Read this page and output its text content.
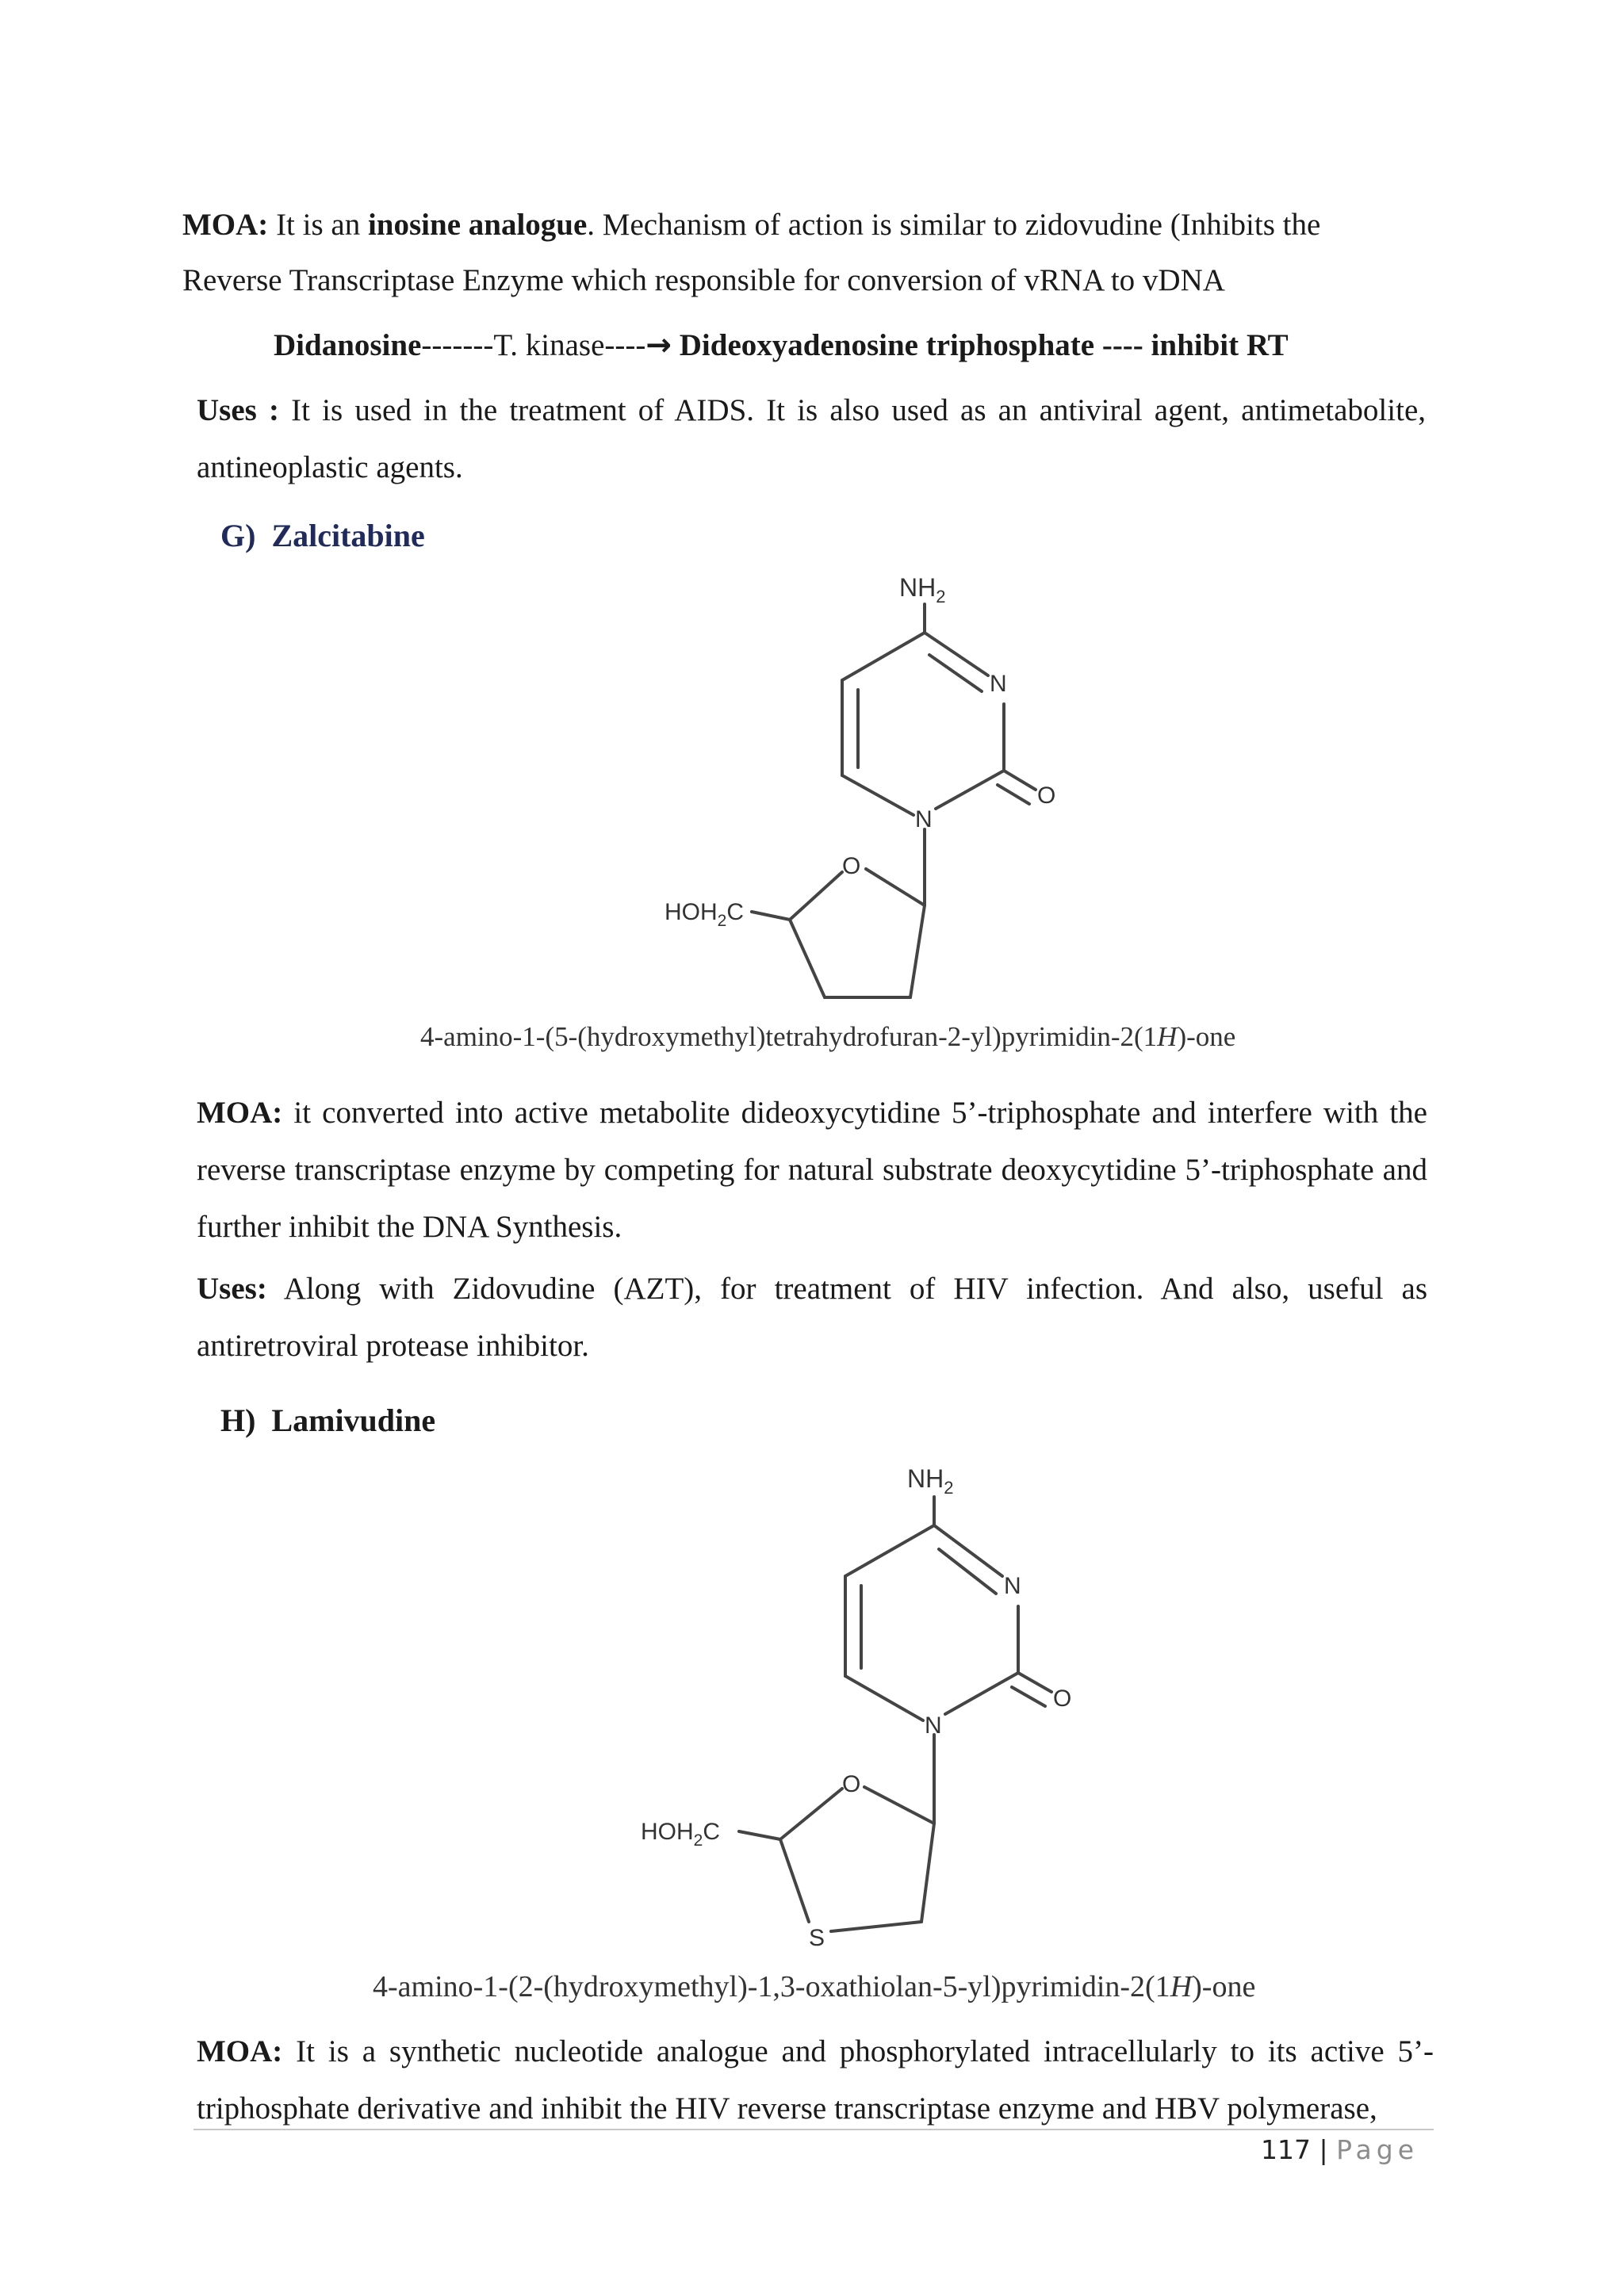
MOA: It is an inosine analogue. Mechanism of action is similar to zidovudine (Inhibits the

Reverse Transcriptase Enzyme which responsible for conversion of vRNA to vDNA

Didanosine-------T. kinase----→ Dideoxyadenosine triphosphate ---- inhibit RT

Uses : It is used in the treatment of AIDS. It is also used as an antiviral agent, antimetabolite, antineoplastic agents.

G) Zalcitabine
$NH_2$
N
N
O
O
$HOH_2C$

4-amino-1-(5-(hydroxymethyl)tetrahydrofuran-2-yl)pyrimidin-2(1H)-one

MOA: it converted into active metabolite dideoxycytidine 5’-triphosphate and interfere with the reverse transcriptase enzyme by competing for natural substrate deoxycytidine 5’-triphosphate and further inhibit the DNA Synthesis.

Uses: Along with Zidovudine (AZT), for treatment of HIV infection. And also, useful as antiretroviral protease inhibitor.

H) Lamivudine
$NH_2$
N
N
O
O
S
$HOH_2C$

4-amino-1-(2-(hydroxymethyl)-1,3-oxathiolan-5-yl)pyrimidin-2(1H)-one

MOA: It is a synthetic nucleotide analogue and phosphorylated intracellularly to its active 5’-triphosphate derivative and inhibit the HIV reverse transcriptase enzyme and HBV polymerase,

117 | Page
